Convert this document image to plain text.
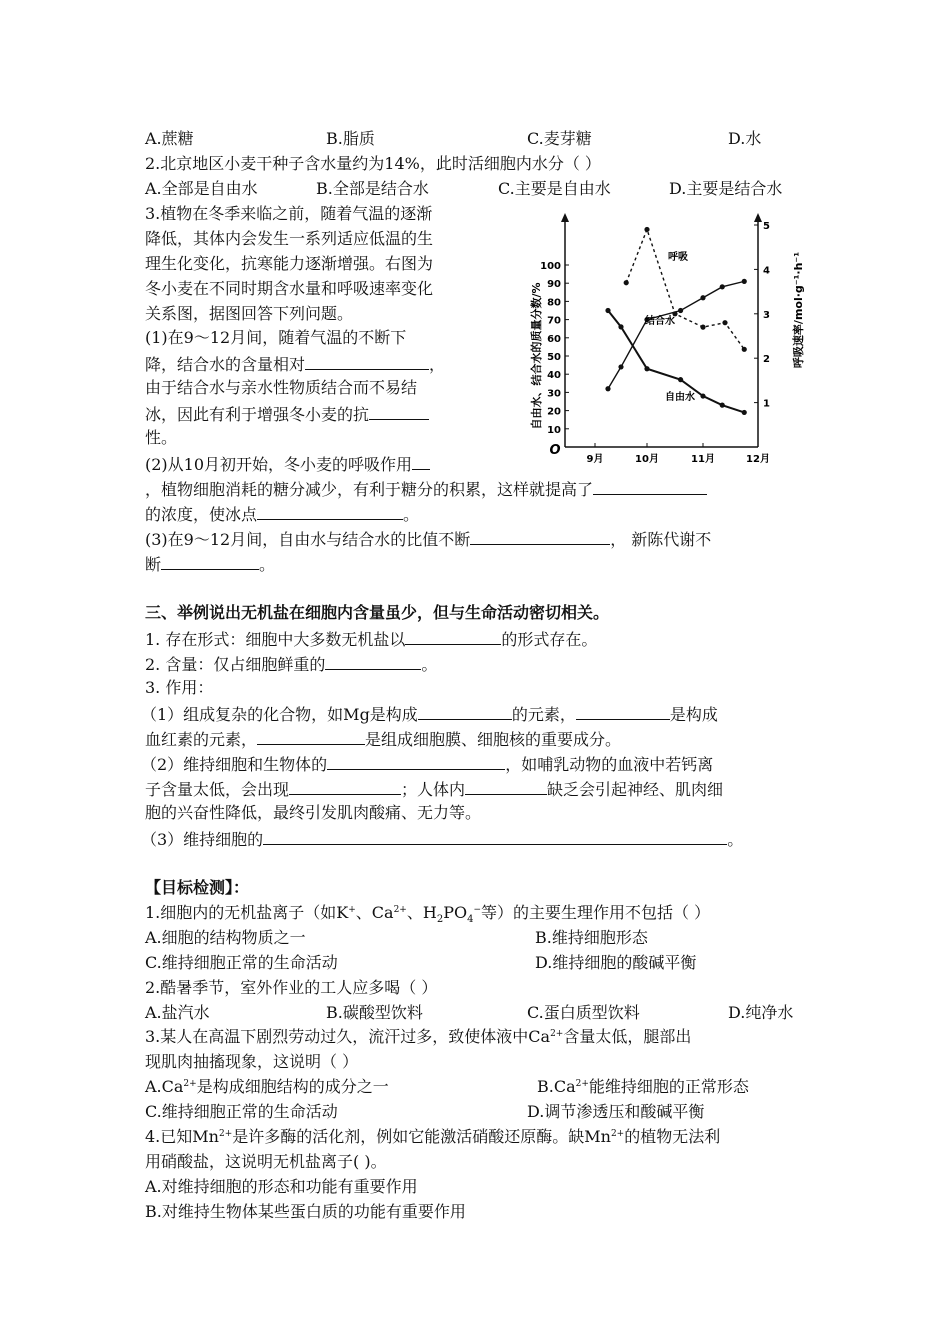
A.蔗糖	B.脂质	C.麦芽糖	D.水
2.北京地区小麦干种子含水量约为14%，此时活细胞内水分（ ）
A.全部是自由水	B.全部是结合水	C.主要是自由水	D.主要是结合水
3.植物在冬季来临之前，随着气温的逐渐
降低，其体内会发生一系列适应低温的生
理生化变化，抗寒能力逐渐增强。右图为
冬小麦在不同时期含水量和呼吸速率变化
关系图，据图回答下列问题。
(1)在9～12月间，随着气温的不断下
降，结合水的含量相对	，
由于结合水与亲水性物质结合而不易结
冰，因此有利于增强冬小麦的抗
性。
(2)从10月初开始，冬小麦的呼吸作用
，植物细胞消耗的糖分减少，有利于糖分的积累，这样就提高了
的浓度，使冰点	。
(3)在9～12月间，自由水与结合水的比值不断	， 新陈代谢不
断	。
10
20
30
40
50
60
70
80
90
100
1
2
3
4
5
9月	10月	11月	12月
自由水
结合水
呼吸
自由水、结合水的质量分数/%	呼吸速率/mol·g⁻¹·h⁻¹
O
三、举例说出无机盐在细胞内含量虽少，但与生命活动密切相关。
1. 存在形式：细胞中大多数无机盐以	的形式存在。
2. 含量：仅占细胞鲜重的	。
3. 作用：
（1）组成复杂的化合物，如Mg是构成	的元素，	是构成
血红素的元素，	是组成细胞膜、细胞核的重要成分。
（2）维持细胞和生物体的	，如哺乳动物的血液中若钙离
子含量太低，会出现	；人体内	缺乏会引起神经、肌肉细
胞的兴奋性降低，最终引发肌肉酸痛、无力等。
（3）维持细胞的	。
【目标检测】：
1.细胞内的无机盐离子（如K+、$Ca^{2+}$、$H_2PO_4^-$等）的主要生理作用不包括（ ）
A.细胞的结构物质之一	B.维持细胞形态
C.维持细胞正常的生命活动	D.维持细胞的酸碱平衡
2.酷暑季节，室外作业的工人应多喝（ ）
A.盐汽水	B.碳酸型饮料	C.蛋白质型饮料	D.纯净水
3.某人在高温下剧烈劳动过久，流汗过多，致使体液中$Ca^{2+}$含量太低，腿部出
现肌肉抽搐现象，这说明（ ）
$A.Ca^{2+}$是构成细胞结构的成分之一	$B.Ca^{2+}$能维持细胞的正常形态
C.维持细胞正常的生命活动	D.调节渗透压和酸碱平衡
4.已知$Mn^{2+}$是许多酶的活化剂，例如它能激活硝酸还原酶。缺$Mn^{2+}$的植物无法利
用硝酸盐，这说明无机盐离子( )。
A.对维持细胞的形态和功能有重要作用
B.对维持生物体某些蛋白质的功能有重要作用
